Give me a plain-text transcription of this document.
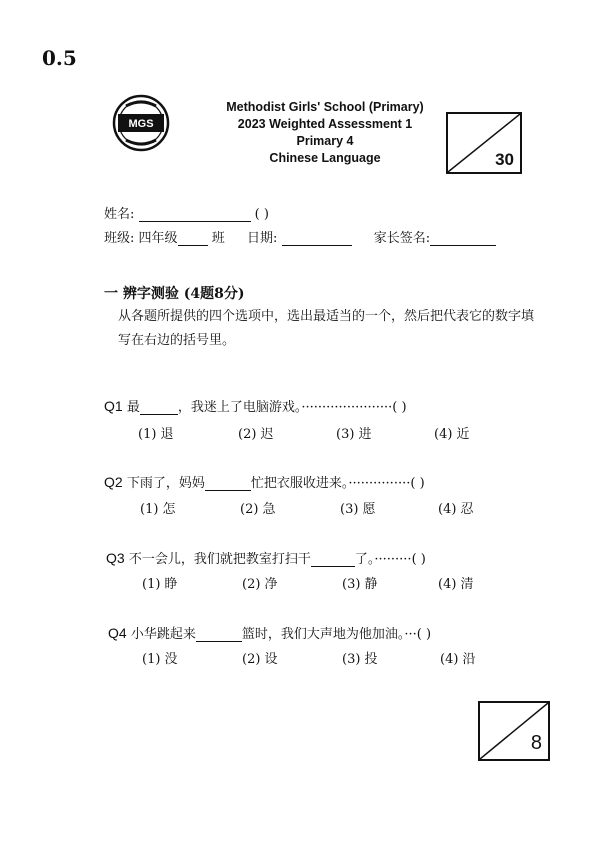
0.5
MGS
Methodist Girls' School (Primary)
2023 Weighted Assessment 1
Primary 4
Chinese Language	30
姓名:	( )
班级: 四年级	班 日期:	家长签名:
一 辨字测验 (4题8分)
从各题所提供的四个选项中，选出最适当的一个，然后把代表它的数字填写在右边的括号里。
Q1 最	，我迷上了电脑游戏。······················( )
(1) 退	(2) 迟	(3) 进	(4) 近
Q2 下雨了，妈妈	忙把衣服收进来。···············( )
(1) 怎	(2) 急	(3) 愿	(4) 忍
Q3 不一会儿，我们就把教室打扫干	了。·········( )
(1) 睁	(2) 净	(3) 静	(4) 清
Q4 小华跳起来	篮时，我们大声地为他加油。···( )
(1) 没	(2) 设	(3) 投	(4) 沿
8
